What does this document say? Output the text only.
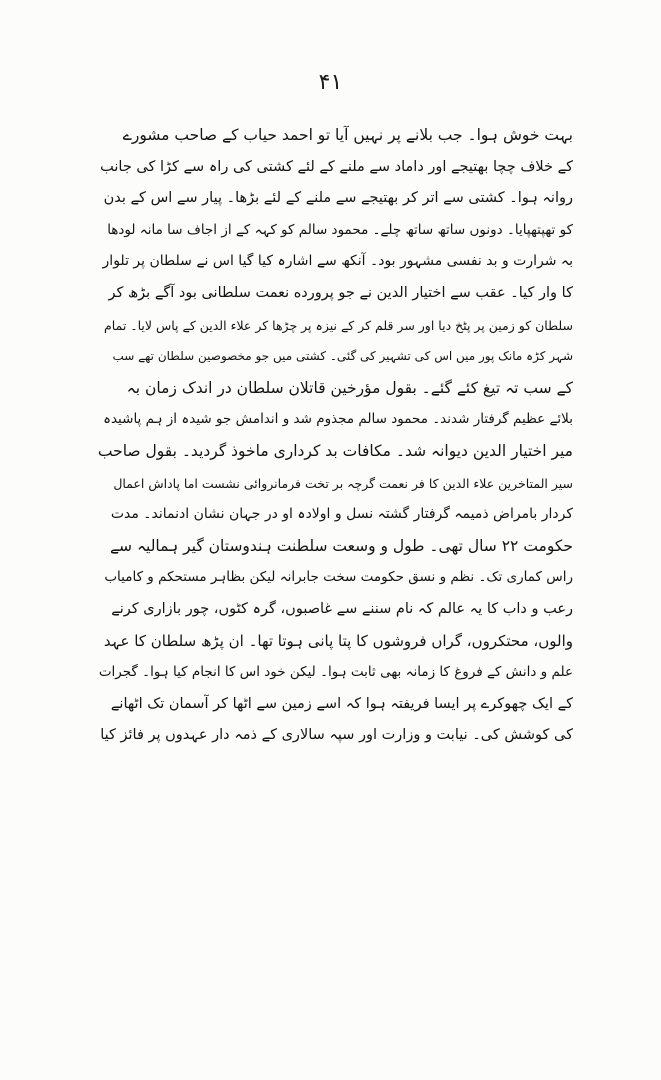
۴۱
بہت خوش ہوا۔ جب بلانے پر نہیں آیا تو احمد حیاب کے صاحب مشورے
کے خلاف چچا بھتیجے اور داماد سے ملنے کے لئے کشتی کی راہ سے کڑا کی جانب
روانہ ہوا۔ کشتی سے اتر کر بھتیجے سے ملنے کے لئے بڑھا۔ پیار سے اس کے بدن
کو تھپتھپایا۔ دونوں ساتھ ساتھ چلے۔ محمود سالم کو کہہ کے از اجاف سا مانہ لودھا
بہ شرارت و بد نفسی مشہور بود۔ آنکھ سے اشارہ کیا گیا اس نے سلطان پر تلوار
کا وار کیا۔ عقب سے اختیار الدین نے جو پرورده نعمت سلطانی بود آگے بڑھ کر
سلطان کو زمین پر پٹخ دیا اور سر قلم کر کے نیزہ پر چڑھا کر علاء الدین کے پاس لایا۔ تمام
شہر کڑہ مانک پور میں اس کی تشہیر کی گئی۔ کشتی میں جو مخصوصین سلطان تھے سب
کے سب تہ تیغ کئے گئے۔ بقول مؤرخین قاتلان سلطان در اندک زمان بہ
بلائے عظیم گرفتار شدند۔ محمود سالم مجذوم شد و اندامش جو شیدہ از ہم پاشیدہ
میر اختیار الدین دیوانہ شد۔ مکافات بد کرداری ماخوذ گردید۔ بقول صاحب
سیر المتاخرین علاء الدین کا فر نعمت گرچہ بر تخت فرمانروائی نشست اما پاداش اعمال
کردار بامراض ذمیمہ گرفتار گشتہ نسل و اولادہ او در جہان نشان ادنماند۔ مدت
حکومت ۲۲ سال تھی۔ طول و وسعت سلطنت ہندوستان گیر ہمالیہ سے
راس کماری تک۔ نظم و نسق حکومت سخت جابرانہ لیکن بظاہر مستحکم و کامیاب
رعب و داب کا یہ عالم کہ نام سننے سے غاصبوں، گرہ کٹوں، چور بازاری کرنے
والوں، محتکروں، گراں فروشوں کا پتا پانی ہوتا تھا۔ ان پڑھ سلطان کا عہد
علم و دانش کے فروغ کا زمانہ بھی ثابت ہوا۔ لیکن خود اس کا انجام کیا ہوا۔ گجرات
کے ایک چھوکرے پر ایسا فریفتہ ہوا کہ اسے زمین سے اٹھا کر آسمان تک اٹھانے
کی کوشش کی۔ نیابت و وزارت اور سپہ سالاری کے ذمہ دار عہدوں پر فائز کیا
